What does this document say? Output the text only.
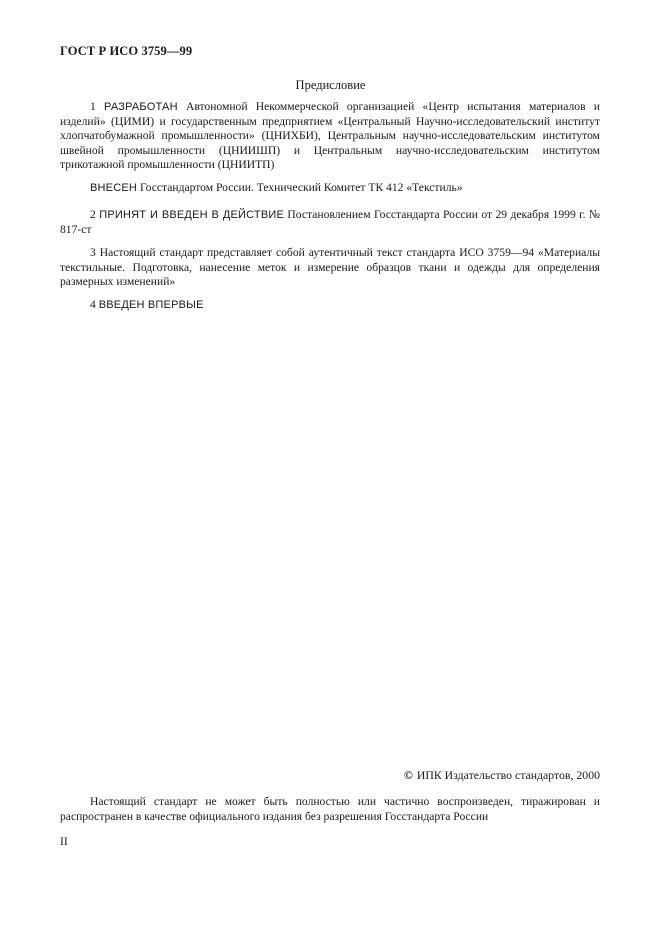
ГОСТ Р ИСО 3759—99
Предисловие

1 РАЗРАБОТАН Автономной Некоммерческой организацией «Центр испытания материалов и изделий» (ЦИМИ) и государственным предприятием «Центральный Научно-исследовательский институт хлопчатобумажной промышленности» (ЦНИХБИ), Центральным научно-исследовательским институтом швейной промышленности (ЦНИИШП) и Центральным научно-исследовательским институтом трикотажной промышленности (ЦНИИТП)

ВНЕСЕН Госстандартом России. Технический Комитет ТК 412 «Текстиль»

2 ПРИНЯТ И ВВЕДЕН В ДЕЙСТВИЕ Постановлением Госстандарта России от 29 декабря 1999 г. № 817-ст

3 Настоящий стандарт представляет собой аутентичный текст стандарта ИСО 3759—94 «Материалы текстильные. Подготовка, нанесение меток и измерение образцов ткани и одежды для определения размерных изменений»

4 ВВЕДЕН ВПЕРВЫЕ

© ИПК Издательство стандартов, 2000

Настоящий стандарт не может быть полностью или частично воспроизведен, тиражирован и распространен в качестве официального издания без разрешения Госстандарта России

II
